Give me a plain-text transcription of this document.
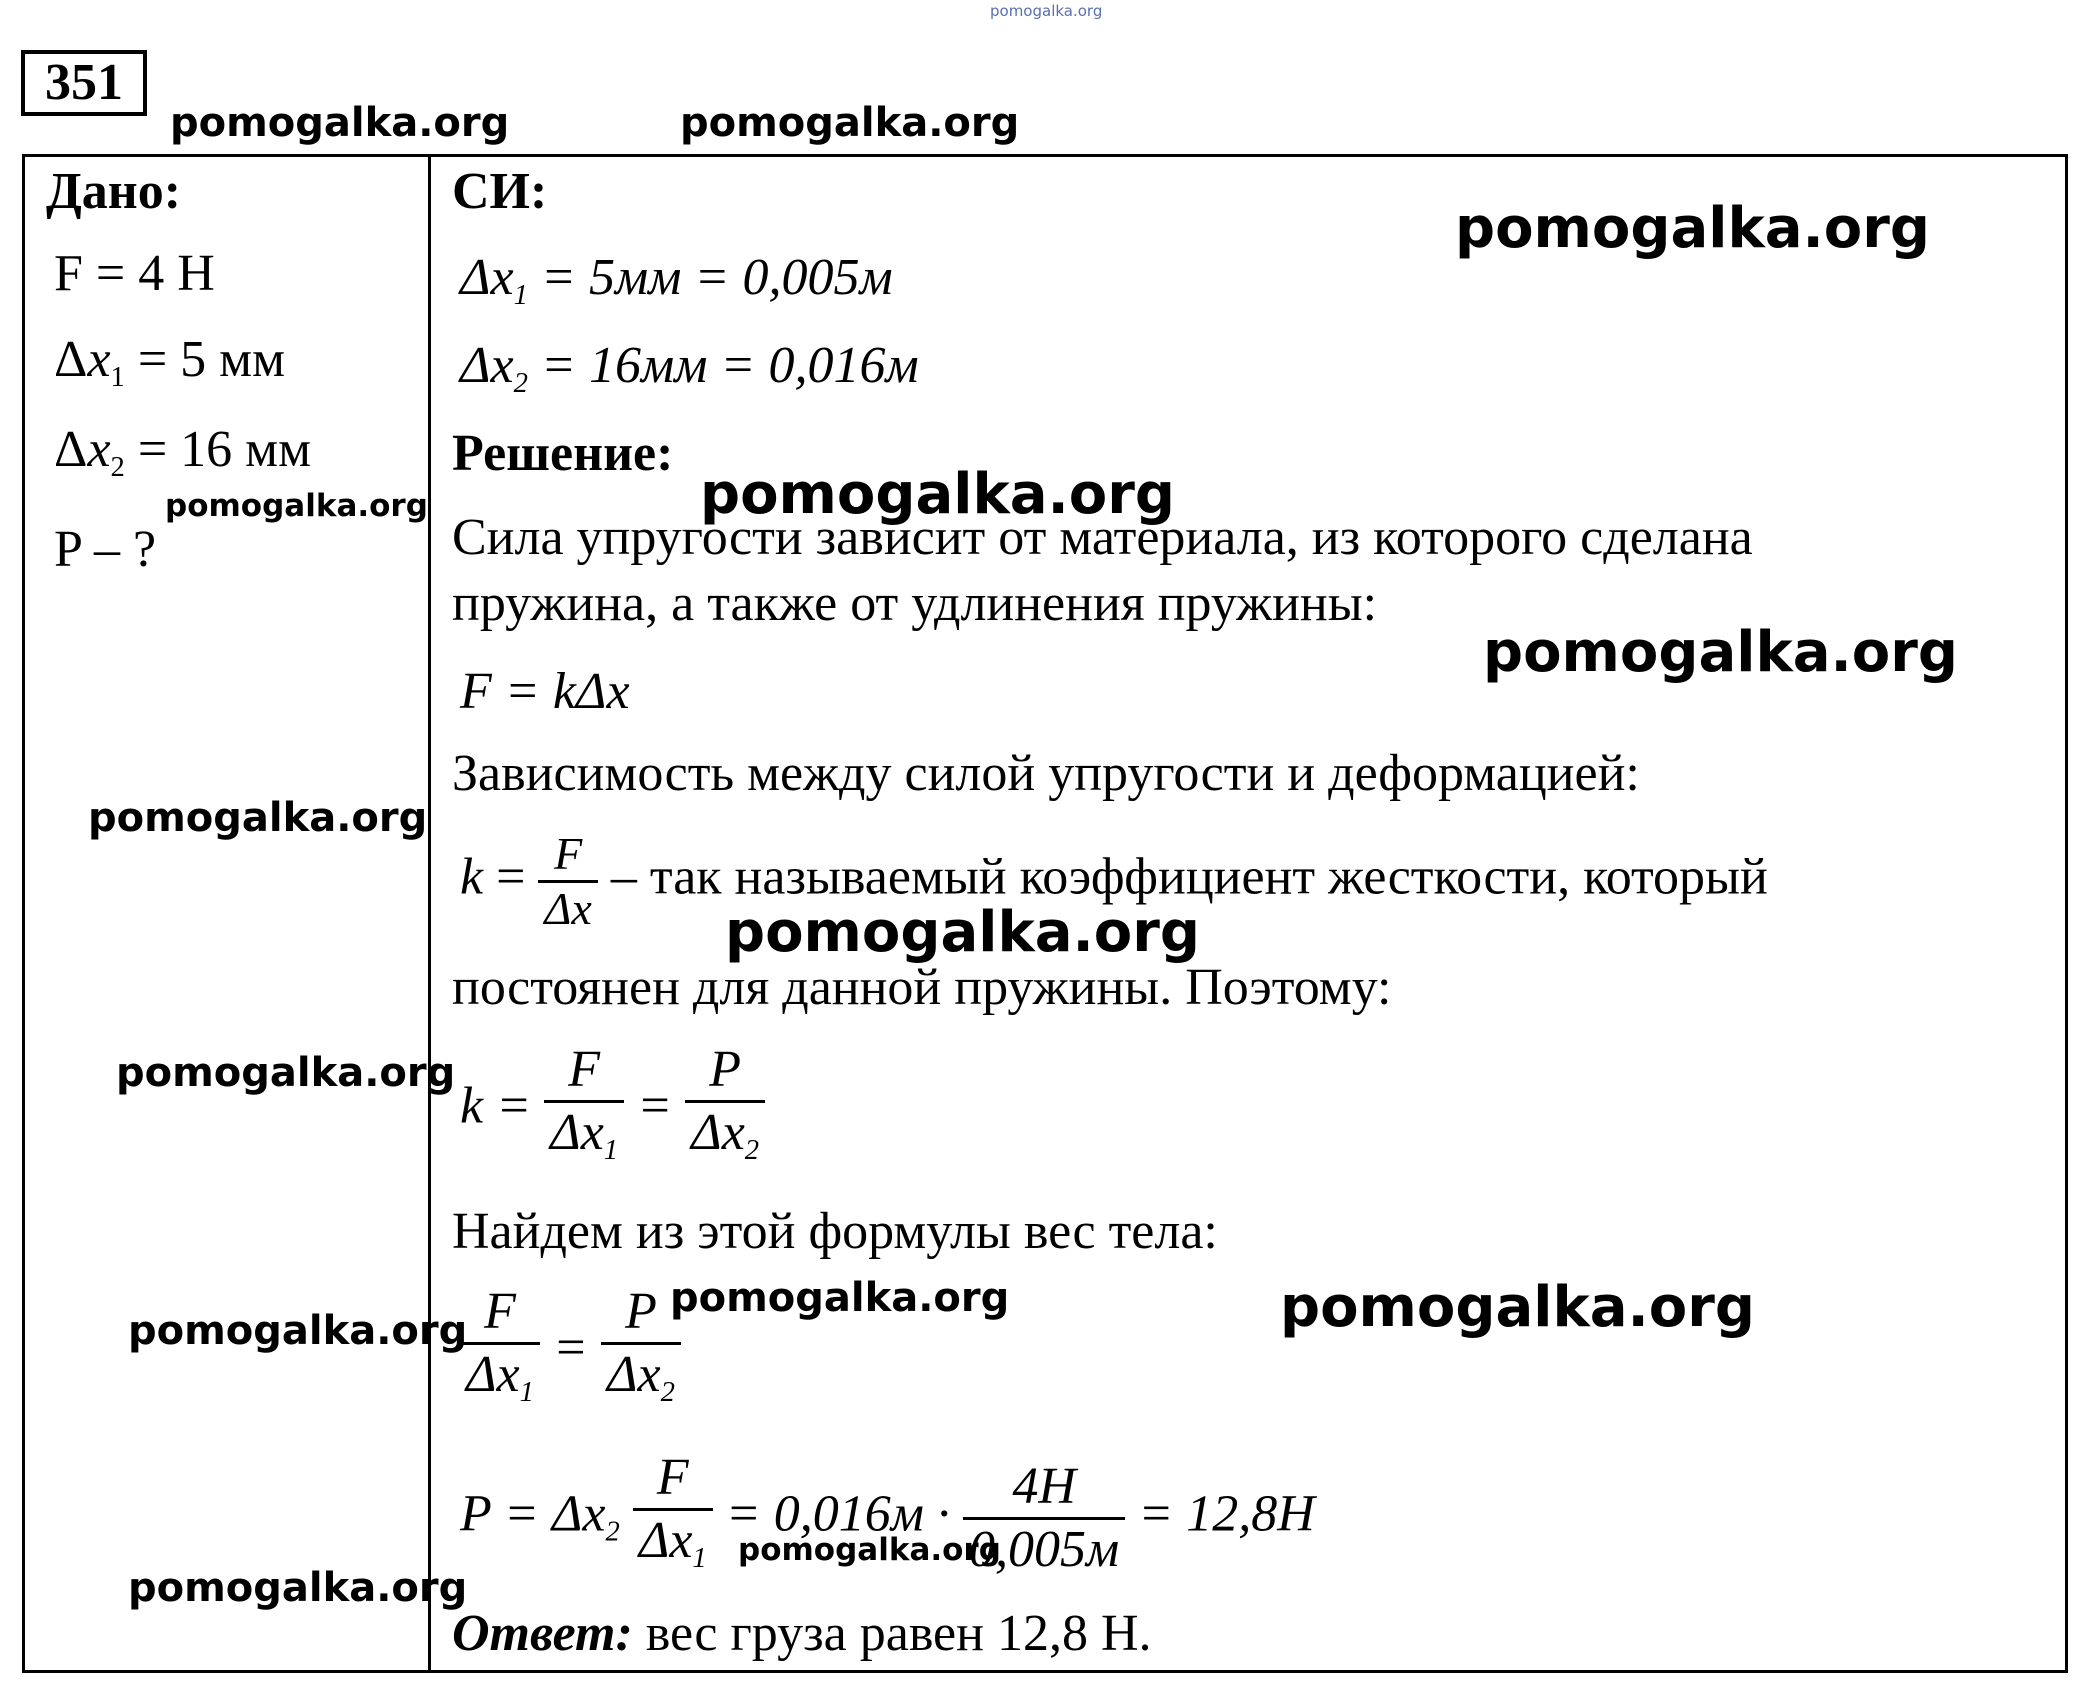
pomogalka.org
351
pomogalka.org	pomogalka.org
Дано:
F = 4 Н
$\Delta x_1 = 5$ мм
$\Delta x_2 = 16$ мм
pomogalka.org
P – ?
pomogalka.org
pomogalka.org
pomogalka.org
pomogalka.org
СИ:
pomogalka.org
$\Delta x_1 = 5мм = 0,005м$
$\Delta x_2 = 16мм = 0,016м$
Решение:
pomogalka.org
Сила упругости зависит от материала, из которого сделана
пружина, а также от удлинения пружины:
pomogalka.org
F = kΔx
Зависимость между силой упругости и деформацией:
$k = \frac{F}{\Delta x}$ – так называемый коэффициент жесткости, который
pomogalka.org
постоянен для данной пружины. Поэтому:
$k = \frac{F}{\Delta x_1} = \frac{P}{\Delta x_2}$
Найдем из этой формулы вес тела:
$\frac{F}{\Delta x_1} = \frac{P}{\Delta x_2}$
pomogalka.org	pomogalka.org
$P = \Delta x_2 \frac{F}{\Delta x_1} = 0,016м \cdot \frac{4Н}{0,005м} = 12,8Н$
pomogalka.org
Ответ: вес груза равен 12,8 Н.
